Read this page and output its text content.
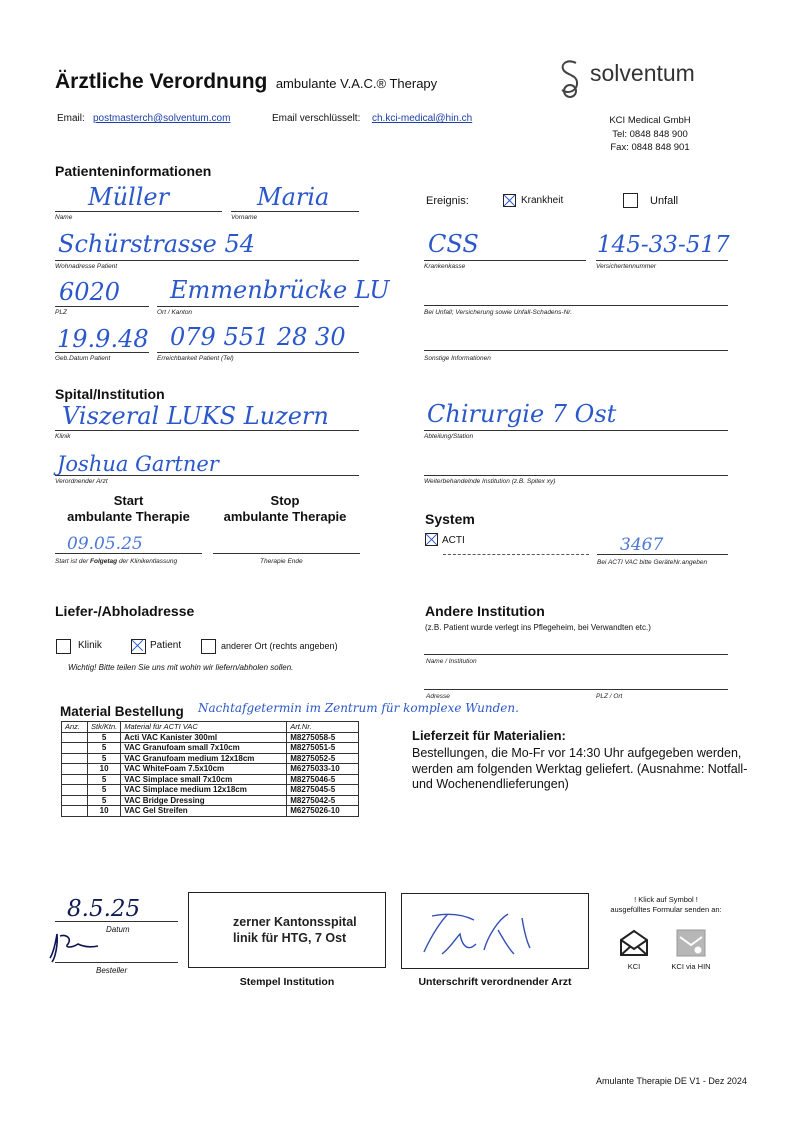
Ärztliche Verordnung ambulante V.A.C.® Therapy	solventum
Email: postmasterch@solventum.com	Email verschlüsselt: ch.kci-medical@hin.ch	KCI Medical GmbH
Tel: 0848 848 900
Fax: 0848 848 901
Patienteninformationen
Müller
Name
Maria
Vorname
Schürstrasse 54
Wohnadresse Patient
6020
PLZ
Emmenbrücke LU
Ort / Kanton
19.9.48
Geb.Datum Patient
079 551 28 30
Erreichbarkeit Patient (Tel)
Ereignis:	Krankheit	Unfall
CSS
Krankenkasse
145-33-517
Versichertennummer
Bei Unfall; Versicherung sowie Unfall-Schadens-Nr.
Sonstige Informationen
Spital/Institution
Viszeral LUKS Luzern
Klinik
Chirurgie 7 Ost
Abteilung/Station
Joshua Gartner
Verordnender Arzt	Weiterbehandelnde Institution (z.B. Spitex xy)
Start
ambulante Therapie
Stop
ambulante Therapie
09.05.25
Start ist der Folgetag der Klinikentlassung	Therapie Ende
System
ACTI	3467
Bei ACTI VAC bitte GeräteNr.angeben
Liefer-/Abholadresse
Klinik	Patient	anderer Ort (rechts angeben)
Wichtig! Bitte teilen Sie uns mit wohin wir liefern/abholen sollen.
Andere Institution
(z.B. Patient wurde verlegt ins Pflegeheim, bei Verwandten etc.)
Name / Institution
Adresse	PLZ / Ort
Material Bestellung Nachtafgetermin im Zentrum für komplexe Wunden.
Anz.	Stk/Ktn.	Material für ACTI VAC	Art.Nr.
	5	Acti VAC Kanister 300ml	M8275058-5
	5	VAC Granufoam small 7x10cm	M8275051-5
	5	VAC Granufoam medium 12x18cm	M8275052-5
	10	VAC WhiteFoam 7.5x10cm	M6275033-10
	5	VAC Simplace small 7x10cm	M8275046-5
	5	VAC Simplace medium 12x18cm	M8275045-5
	5	VAC Bridge Dressing	M8275042-5
	10	VAC Gel Streifen	M6275026-10
Lieferzeit für Materialien:
Bestellungen, die Mo-Fr vor 14:30 Uhr aufgegeben werden, werden am folgenden Werktag geliefert. (Ausnahme: Notfall- und Wochenendlieferungen)
8.5.25
Datum
Besteller
zerner Kantonsspital
linik für HTG, 7 Ost
Stempel Institution	Unterschrift verordnender Arzt
! Klick auf Symbol !
ausgefülltes Formular senden an:
KCI	KCI via HIN
Amulante Therapie DE V1 - Dez 2024
